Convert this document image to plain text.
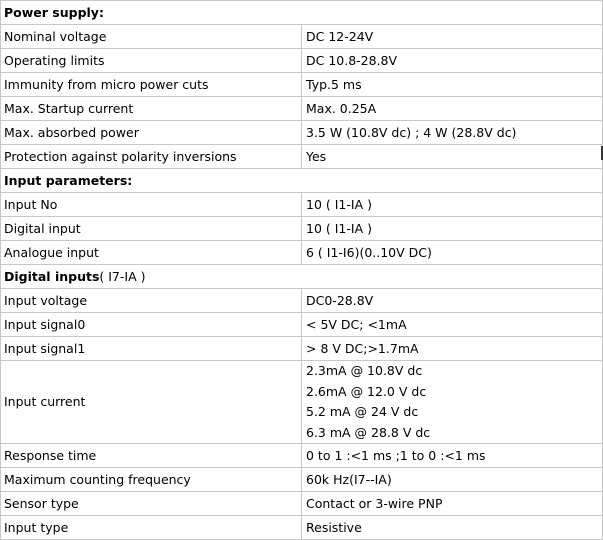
Power supply:	
Nominal voltage	DC 12-24V
Operating limits	DC 10.8-28.8V
Immunity from micro power cuts	Typ.5 ms
Max. Startup current	Max. 0.25A
Max. absorbed power	3.5 W (10.8V dc) ; 4 W (28.8V dc)
Protection against polarity inversions	Yes
Input parameters:	
Input No	10 ( I1-IA )
Digital input	10 ( I1-IA )
Analogue input	6 ( I1-I6)(0..10V DC)
Digital inputs( I7-IA )	
Input voltage	DC0-28.8V
Input signal0	< 5V DC; <1mA
Input signal1	> 8 V DC;>1.7mA
Input current	2.3mA @ 10.8V dc
2.6mA @ 12.0 V dc
5.2 mA @ 24 V dc
6.3 mA @ 28.8 V dc

Response time	0 to 1 :<1 ms ;1 to 0 :<1 ms
Maximum counting frequency	60k Hz(I7--IA)
Sensor type	Contact or 3-wire PNP
Input type	Resistive
